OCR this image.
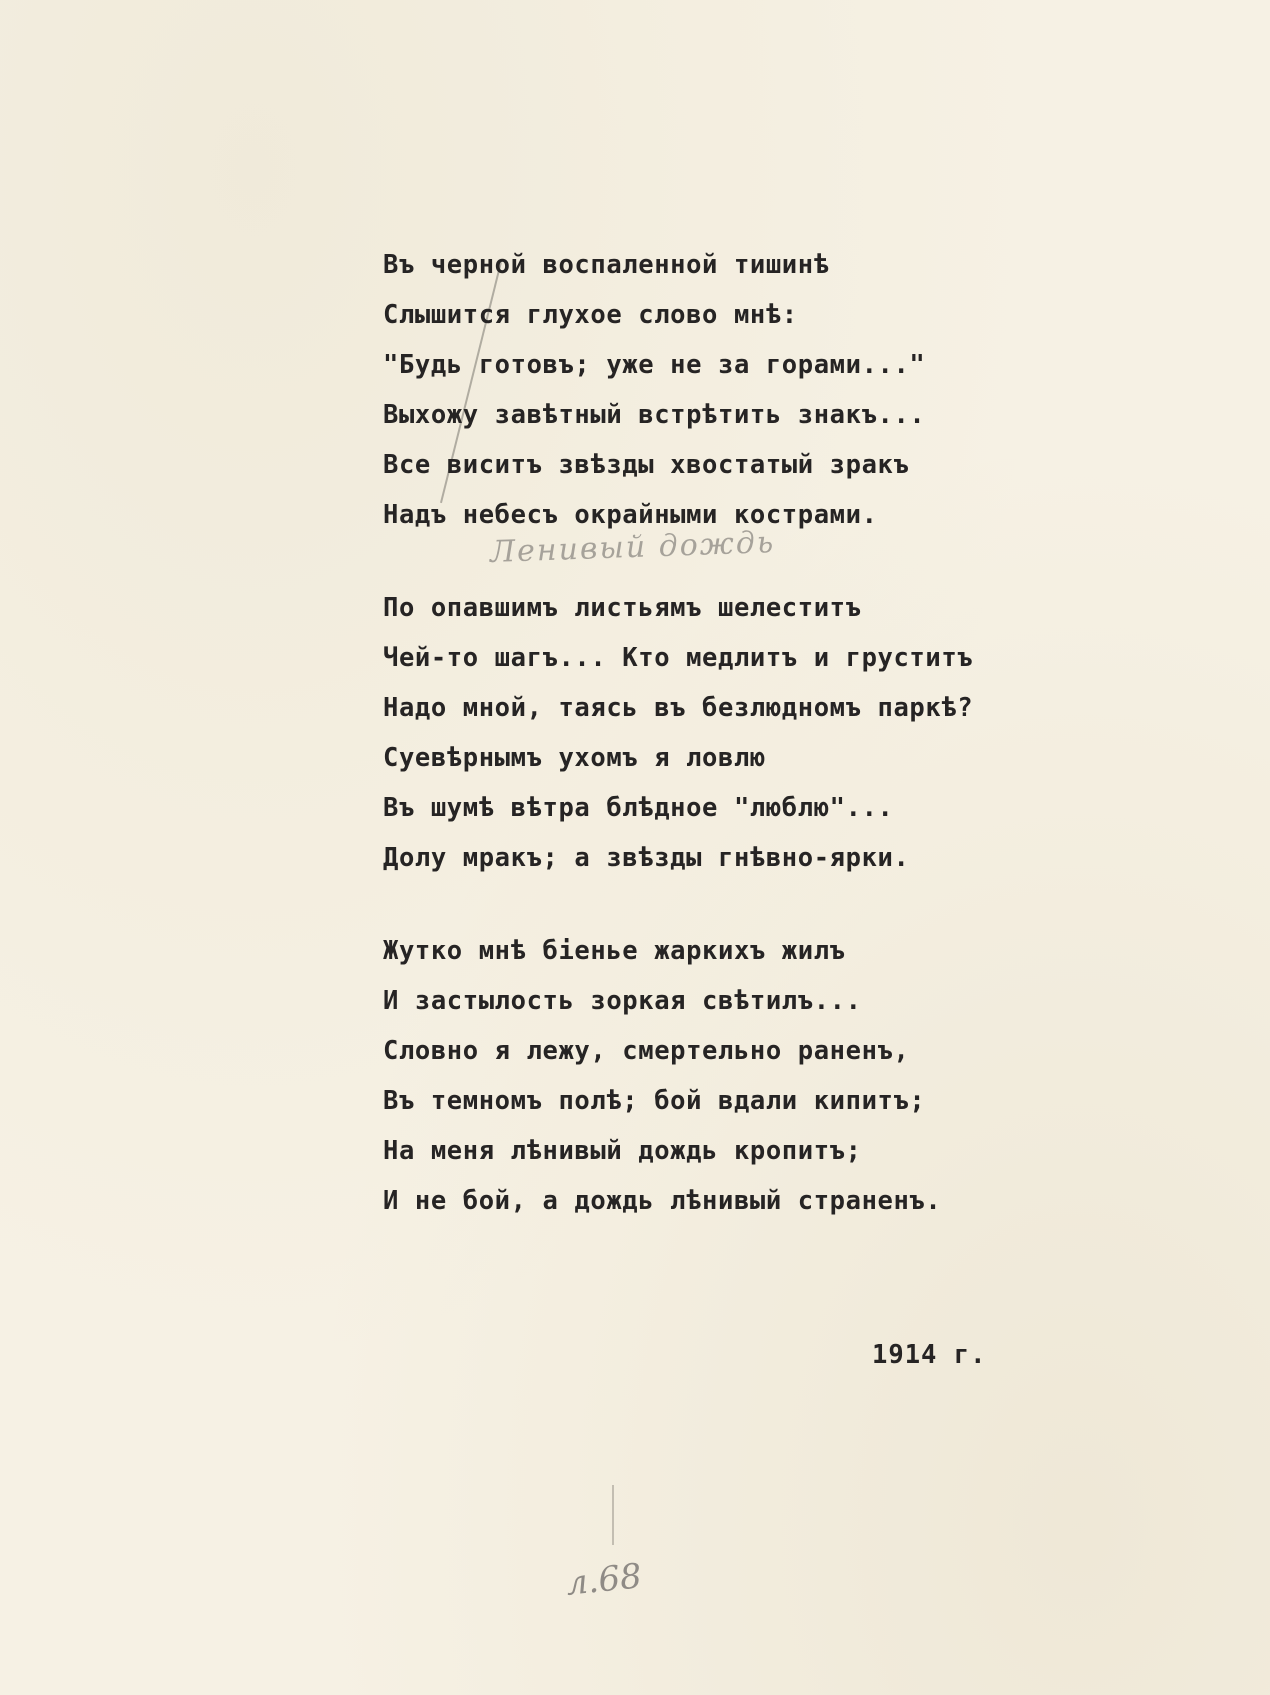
Въ черной воспаленной тишинѣ
Слышится глухое слово мнѣ:
"Будь готовъ; уже не за горами..."
Выхожу завѣтный встрѣтить знакъ...
Все виситъ звѣзды хвостатый зракъ
Надъ небесъ окрайными кострами.
По опавшимъ листьямъ шелеститъ
Чей-то шагъ... Кто медлитъ и груститъ
Надо мной, таясь въ безлюдномъ паркѣ?
Суевѣрнымъ ухомъ я ловлю
Въ шумѣ вѣтра блѣдное "люблю"...
Долу мракъ; а звѣзды гнѣвно-ярки.
Жутко мнѣ біенье жаркихъ жилъ
И застылость зоркая свѣтилъ...
Словно я лежу, смертельно раненъ,
Въ темномъ полѣ; бой вдали кипитъ;
На меня лѣнивый дождь кропитъ;
И не бой, а дождь лѣнивый страненъ.
Ленивый дождь
1914 г.
л.68
